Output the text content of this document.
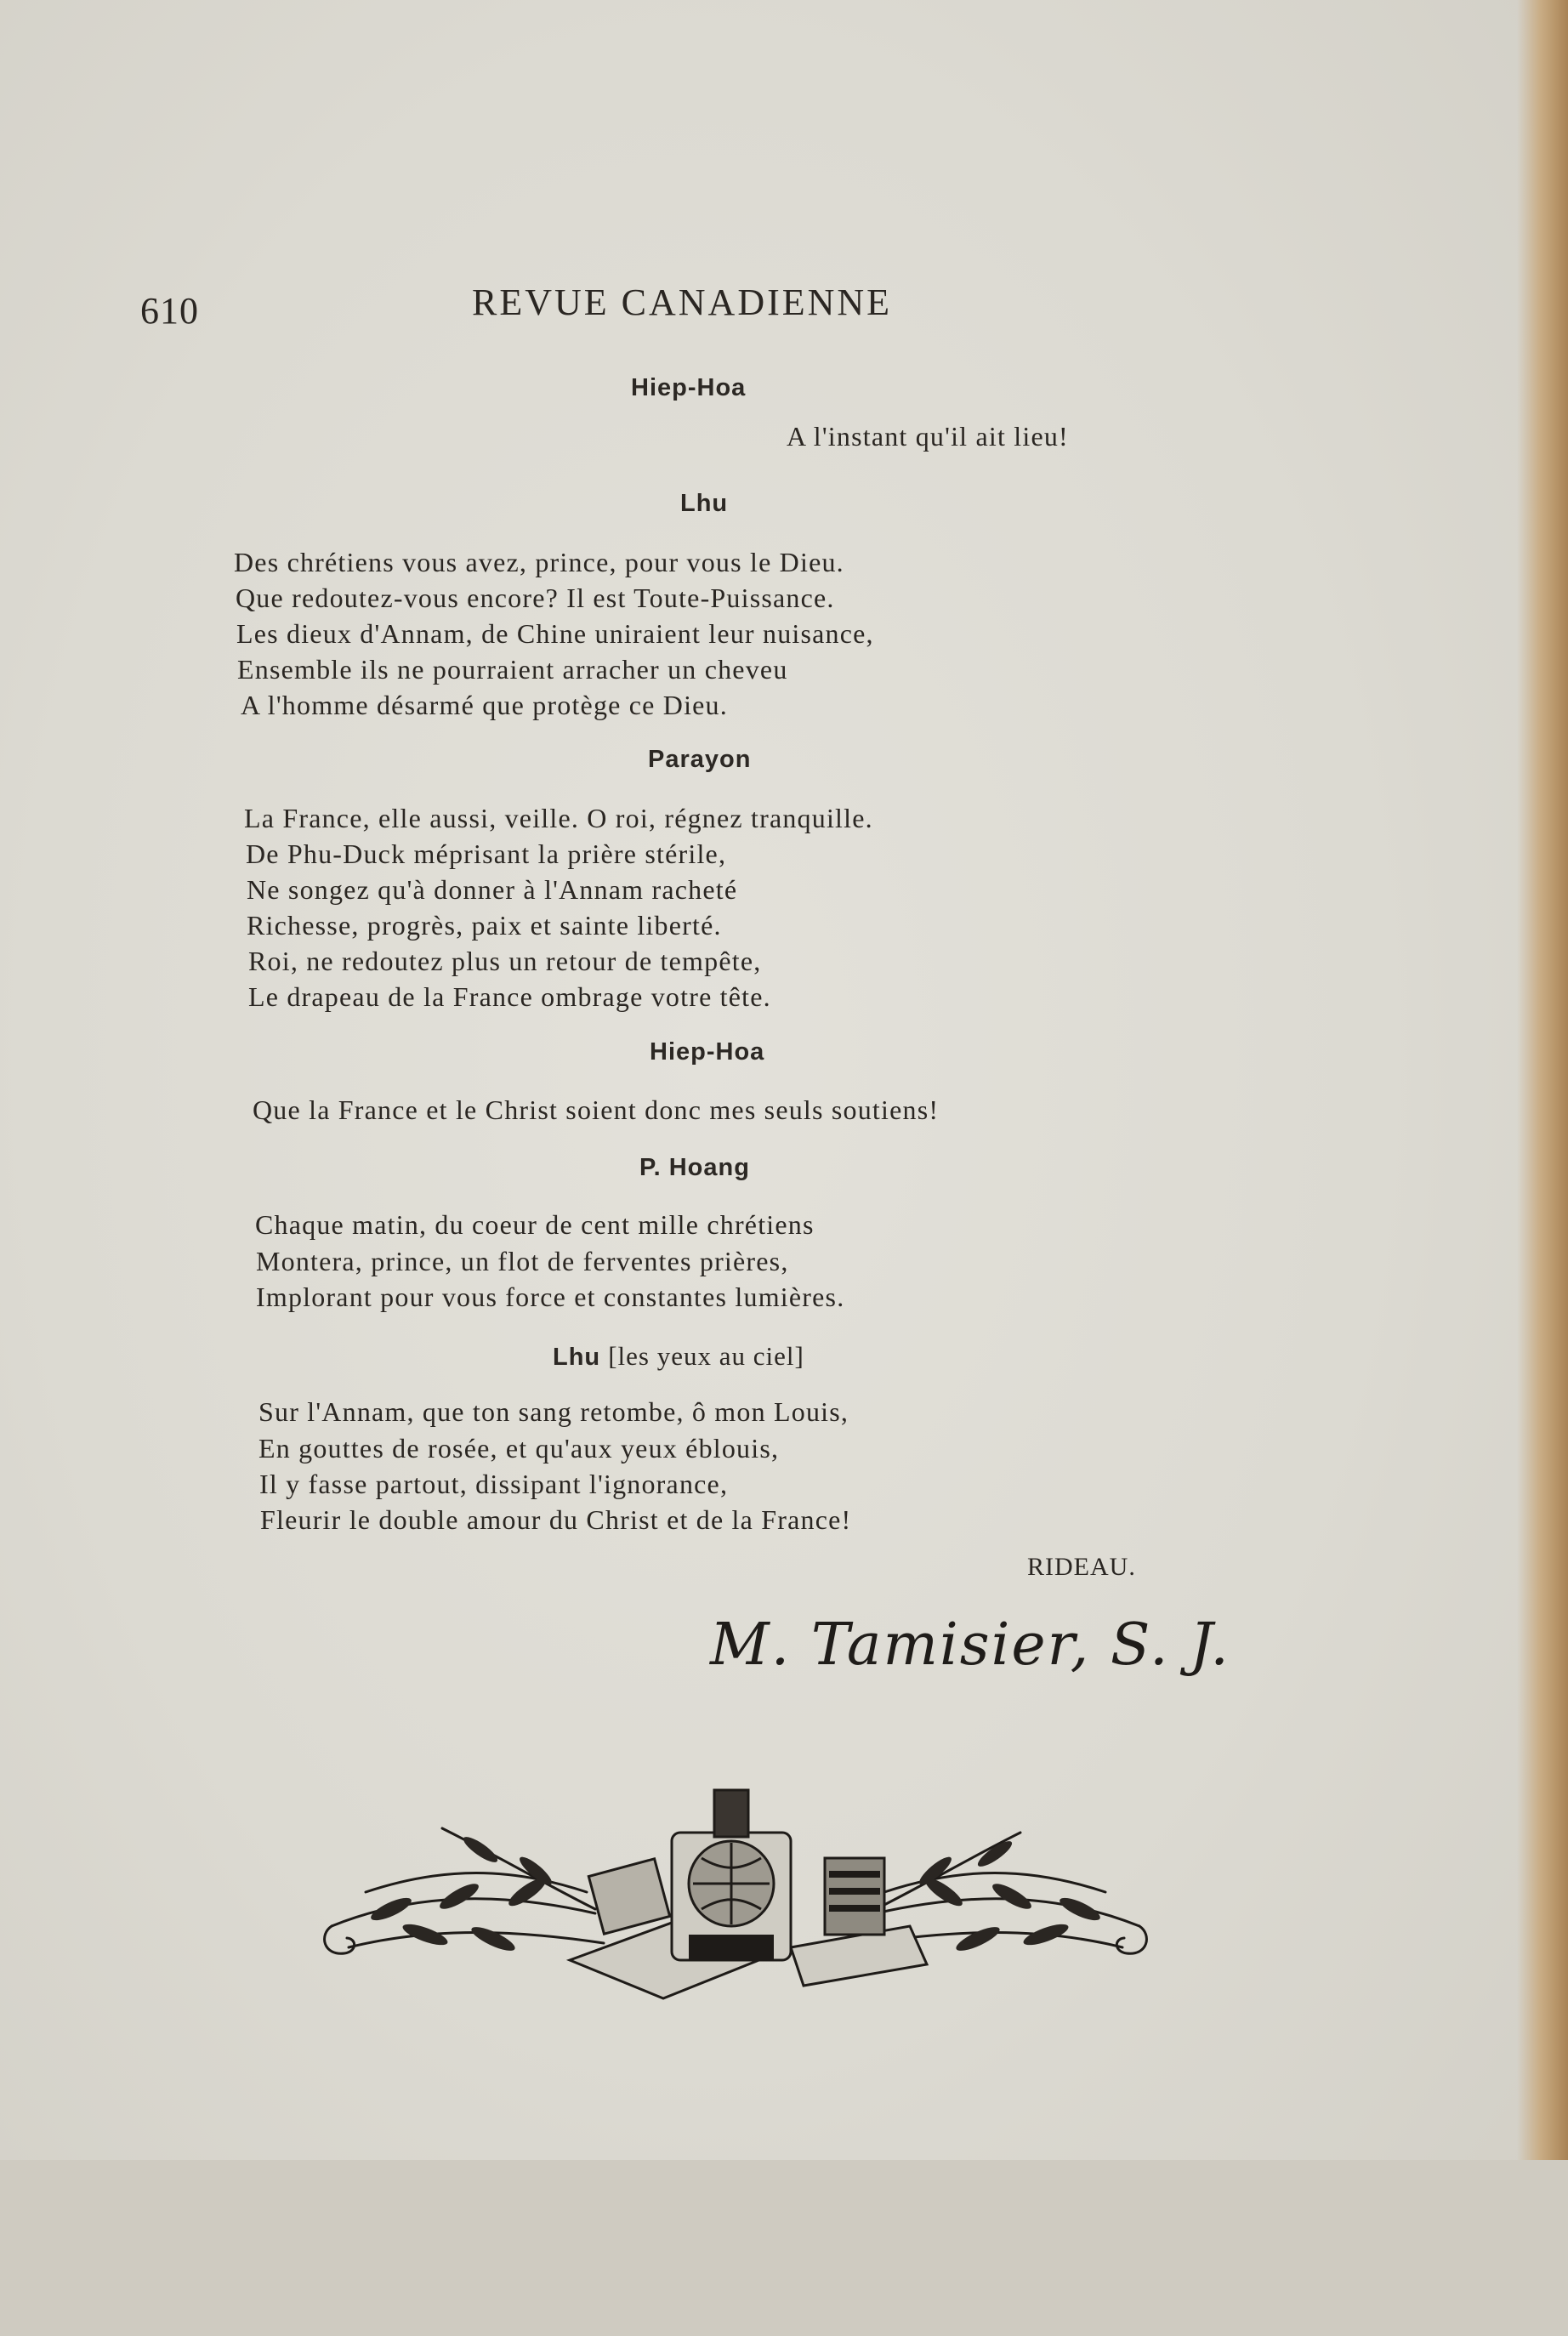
610	REVUE CANADIENNE
Hiep-Hoa
A l'instant qu'il ait lieu!
Lhu
Des chrétiens vous avez, prince, pour vous le Dieu.
Que redoutez-vous encore? Il est Toute-Puissance.
Les dieux d'Annam, de Chine uniraient leur nuisance,
Ensemble ils ne pourraient arracher un cheveu
A l'homme désarmé que protège ce Dieu.
Parayon
La France, elle aussi, veille. O roi, régnez tranquille.
De Phu-Duck méprisant la prière stérile,
Ne songez qu'à donner à l'Annam racheté
Richesse, progrès, paix et sainte liberté.
Roi, ne redoutez plus un retour de tempête,
Le drapeau de la France ombrage votre tête.
Hiep-Hoa
Que la France et le Christ soient donc mes seuls soutiens!
P. Hoang
Chaque matin, du coeur de cent mille chrétiens
Montera, prince, un flot de ferventes prières,
Implorant pour vous force et constantes lumières.
Lhu [les yeux au ciel]
Sur l'Annam, que ton sang retombe, ô mon Louis,
En gouttes de rosée, et qu'aux yeux éblouis,
Il y fasse partout, dissipant l'ignorance,
Fleurir le double amour du Christ et de la France!
RIDEAU.
M. Tamisier, S. J.
